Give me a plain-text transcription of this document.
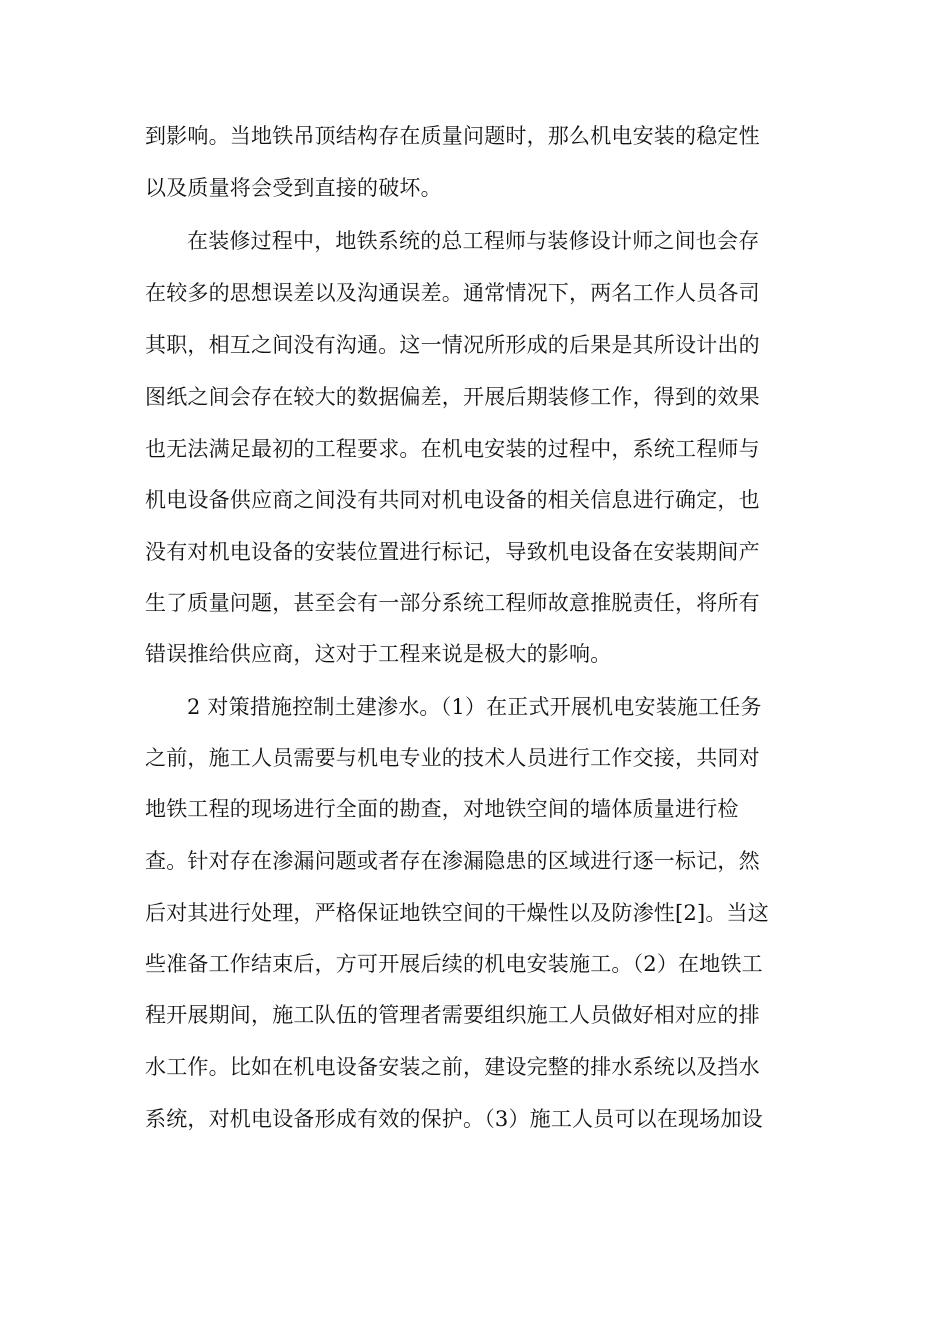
到影响。当地铁吊顶结构存在质量问题时，那么机电安装的稳定性
以及质量将会受到直接的破坏。
在装修过程中，地铁系统的总工程师与装修设计师之间也会存
在较多的思想误差以及沟通误差。通常情况下，两名工作人员各司
其职，相互之间没有沟通。这一情况所形成的后果是其所设计出的
图纸之间会存在较大的数据偏差，开展后期装修工作，得到的效果
也无法满足最初的工程要求。在机电安装的过程中，系统工程师与
机电设备供应商之间没有共同对机电设备的相关信息进行确定，也
没有对机电设备的安装位置进行标记，导致机电设备在安装期间产
生了质量问题，甚至会有一部分系统工程师故意推脱责任，将所有
错误推给供应商，这对于工程来说是极大的影响。
2 对策措施控制土建渗水。（1）在正式开展机电安装施工任务
之前，施工人员需要与机电专业的技术人员进行工作交接，共同对
地铁工程的现场进行全面的勘查，对地铁空间的墙体质量进行检
查。针对存在渗漏问题或者存在渗漏隐患的区域进行逐一标记，然
后对其进行处理，严格保证地铁空间的干燥性以及防渗性[2]。当这
些准备工作结束后，方可开展后续的机电安装施工。（2）在地铁工
程开展期间，施工队伍的管理者需要组织施工人员做好相对应的排
水工作。比如在机电设备安装之前，建设完整的排水系统以及挡水
系统，对机电设备形成有效的保护。（3）施工人员可以在现场加设
